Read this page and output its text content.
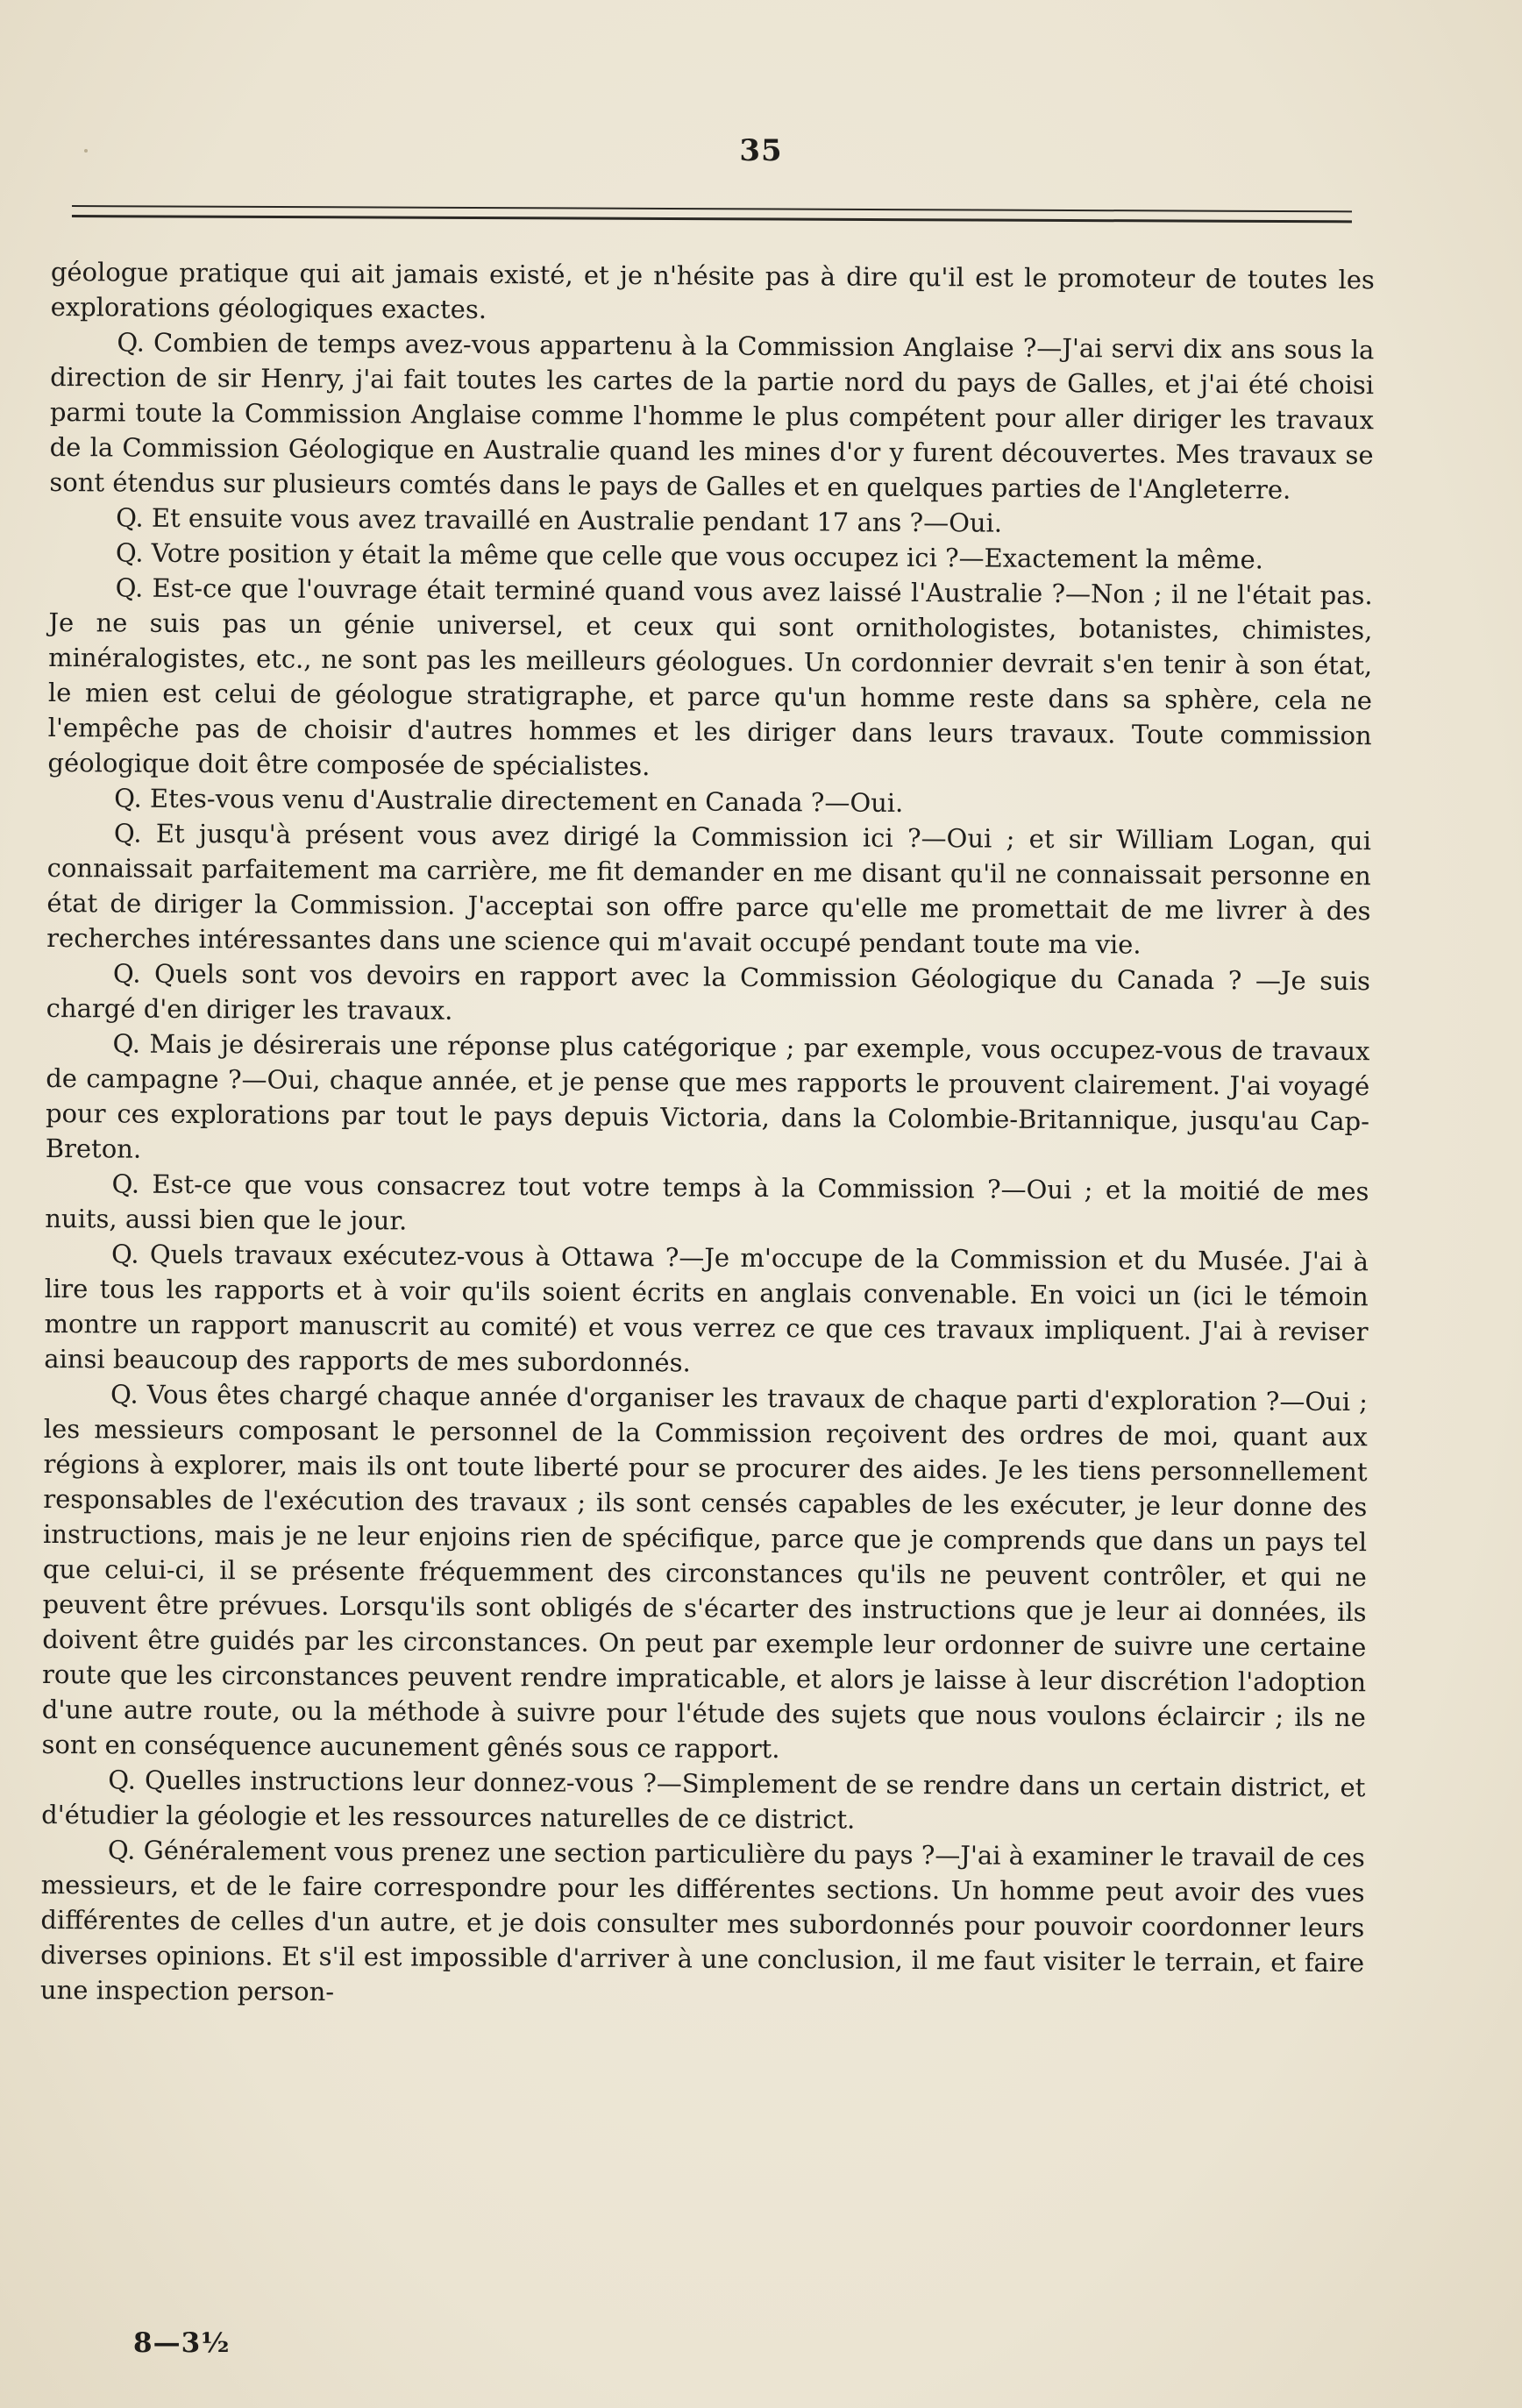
35

géologue pratique qui ait jamais existé, et je n'hésite pas à dire qu'il est le promoteur de toutes les explorations géologiques exactes.

Q. Combien de temps avez-vous appartenu à la Commission Anglaise ?—J'ai servi dix ans sous la direction de sir Henry, j'ai fait toutes les cartes de la partie nord du pays de Galles, et j'ai été choisi parmi toute la Commission Anglaise comme l'homme le plus compétent pour aller diriger les travaux de la Commission Géologique en Australie quand les mines d'or y furent découvertes. Mes travaux se sont étendus sur plusieurs comtés dans le pays de Galles et en quelques parties de l'Angleterre.

Q. Et ensuite vous avez travaillé en Australie pendant 17 ans ?—Oui.

Q. Votre position y était la même que celle que vous occupez ici ?—Exactement la même.

Q. Est-ce que l'ouvrage était terminé quand vous avez laissé l'Australie ?—Non ; il ne l'était pas. Je ne suis pas un génie universel, et ceux qui sont ornithologistes, botanistes, chimistes, minéralogistes, etc., ne sont pas les meilleurs géologues. Un cordonnier devrait s'en tenir à son état, le mien est celui de géologue stratigraphe, et parce qu'un homme reste dans sa sphère, cela ne l'empêche pas de choisir d'autres hommes et les diriger dans leurs travaux. Toute commission géologique doit être composée de spécialistes.

Q. Etes-vous venu d'Australie directement en Canada ?—Oui.

Q. Et jusqu'à présent vous avez dirigé la Commission ici ?—Oui ; et sir William Logan, qui connaissait parfaitement ma carrière, me fit demander en me disant qu'il ne connaissait personne en état de diriger la Commission. J'acceptai son offre parce qu'elle me promettait de me livrer à des recherches intéressantes dans une science qui m'avait occupé pendant toute ma vie.

Q. Quels sont vos devoirs en rapport avec la Commission Géologique du Canada ? —Je suis chargé d'en diriger les travaux.

Q. Mais je désirerais une réponse plus catégorique ; par exemple, vous occupez-vous de travaux de campagne ?—Oui, chaque année, et je pense que mes rapports le prouvent clairement. J'ai voyagé pour ces explorations par tout le pays depuis Victoria, dans la Colombie-Britannique, jusqu'au Cap-Breton.

Q. Est-ce que vous consacrez tout votre temps à la Commission ?—Oui ; et la moitié de mes nuits, aussi bien que le jour.

Q. Quels travaux exécutez-vous à Ottawa ?—Je m'occupe de la Commission et du Musée. J'ai à lire tous les rapports et à voir qu'ils soient écrits en anglais convenable. En voici un (ici le témoin montre un rapport manuscrit au comité) et vous verrez ce que ces travaux impliquent. J'ai à reviser ainsi beaucoup des rapports de mes subordonnés.

Q. Vous êtes chargé chaque année d'organiser les travaux de chaque parti d'exploration ?—Oui ; les messieurs composant le personnel de la Commission reçoivent des ordres de moi, quant aux régions à explorer, mais ils ont toute liberté pour se procurer des aides. Je les tiens personnellement responsables de l'exécution des travaux ; ils sont censés capables de les exécuter, je leur donne des instructions, mais je ne leur enjoins rien de spécifique, parce que je comprends que dans un pays tel que celui-ci, il se présente fréquemment des circonstances qu'ils ne peuvent contrôler, et qui ne peuvent être prévues. Lorsqu'ils sont obligés de s'écarter des instructions que je leur ai données, ils doivent être guidés par les circonstances. On peut par exemple leur ordonner de suivre une certaine route que les circonstances peuvent rendre impraticable, et alors je laisse à leur discrétion l'adoption d'une autre route, ou la méthode à suivre pour l'étude des sujets que nous voulons éclaircir ; ils ne sont en conséquence aucunement gênés sous ce rapport.

Q. Quelles instructions leur donnez-vous ?—Simplement de se rendre dans un certain district, et d'étudier la géologie et les ressources naturelles de ce district.

Q. Généralement vous prenez une section particulière du pays ?—J'ai à examiner le travail de ces messieurs, et de le faire correspondre pour les différentes sections. Un homme peut avoir des vues différentes de celles d'un autre, et je dois consulter mes subordonnés pour pouvoir coordonner leurs diverses opinions. Et s'il est impossible d'arriver à une conclusion, il me faut visiter le terrain, et faire une inspection person-

8—3½
